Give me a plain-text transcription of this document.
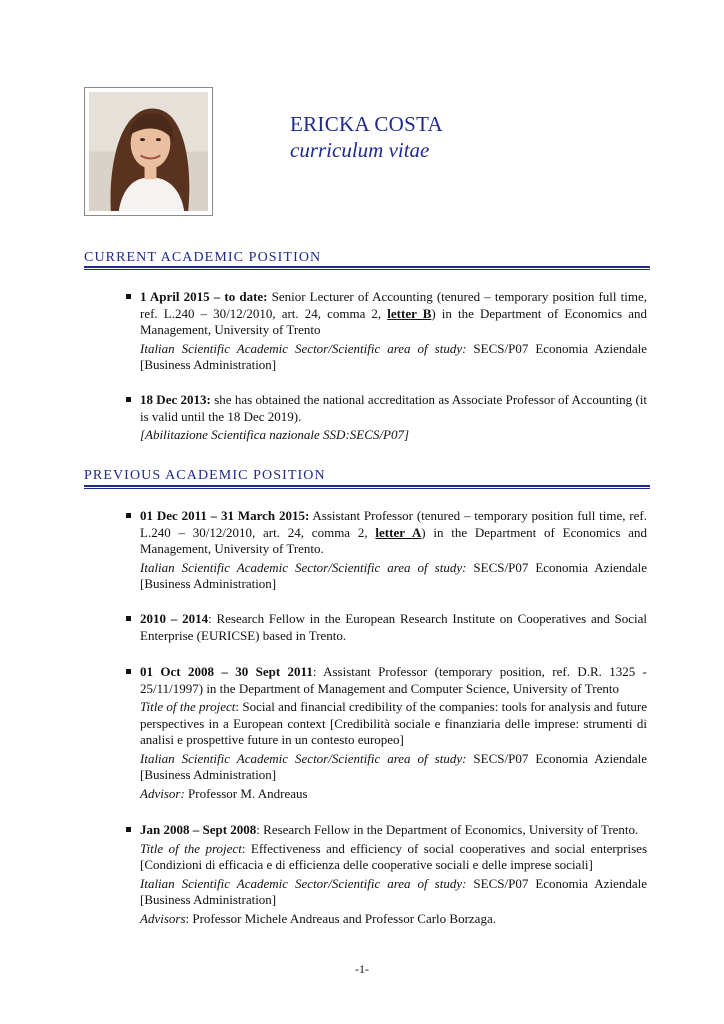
ERICKA COSTA
curriculum vitae
CURRENT ACADEMIC POSITION

1 April 2015 – to date: Senior Lecturer of Accounting (tenured – temporary position full time, ref. L.240 – 30/12/2010, art. 24, comma 2, letter B) in the Department of Economics and Management, University of Trento

Italian Scientific Academic Sector/Scientific area of study: SECS/P07 Economia Aziendale [Business Administration]

18 Dec 2013: she has obtained the national accreditation as Associate Professor of Accounting (it is valid until the 18 Dec 2019).

[Abilitazione Scientifica nazionale SSD:SECS/P07]

PREVIOUS ACADEMIC POSITION

01 Dec 2011 – 31 March 2015: Assistant Professor (tenured – temporary position full time, ref. L.240 – 30/12/2010, art. 24, comma 2, letter A) in the Department of Economics and Management, University of Trento.

Italian Scientific Academic Sector/Scientific area of study: SECS/P07 Economia Aziendale [Business Administration]

2010 – 2014: Research Fellow in the European Research Institute on Cooperatives and Social Enterprise (EURICSE) based in Trento.

01 Oct 2008 – 30 Sept 2011: Assistant Professor (temporary position, ref. D.R. 1325 - 25/11/1997) in the Department of Management and Computer Science, University of Trento

Title of the project: Social and financial credibility of the companies: tools for analysis and future perspectives in a European context [Credibilità sociale e finanziaria delle imprese: strumenti di analisi e prospettive future in un contesto europeo]

Italian Scientific Academic Sector/Scientific area of study: SECS/P07 Economia Aziendale [Business Administration]

Advisor: Professor M. Andreaus

Jan 2008 – Sept 2008: Research Fellow in the Department of Economics, University of Trento.

Title of the project: Effectiveness and efficiency of social cooperatives and social enterprises [Condizioni di efficacia e di efficienza delle cooperative sociali e delle imprese sociali]

Italian Scientific Academic Sector/Scientific area of study: SECS/P07 Economia Aziendale [Business Administration]

Advisors: Professor Michele Andreaus and Professor Carlo Borzaga.

-1-
